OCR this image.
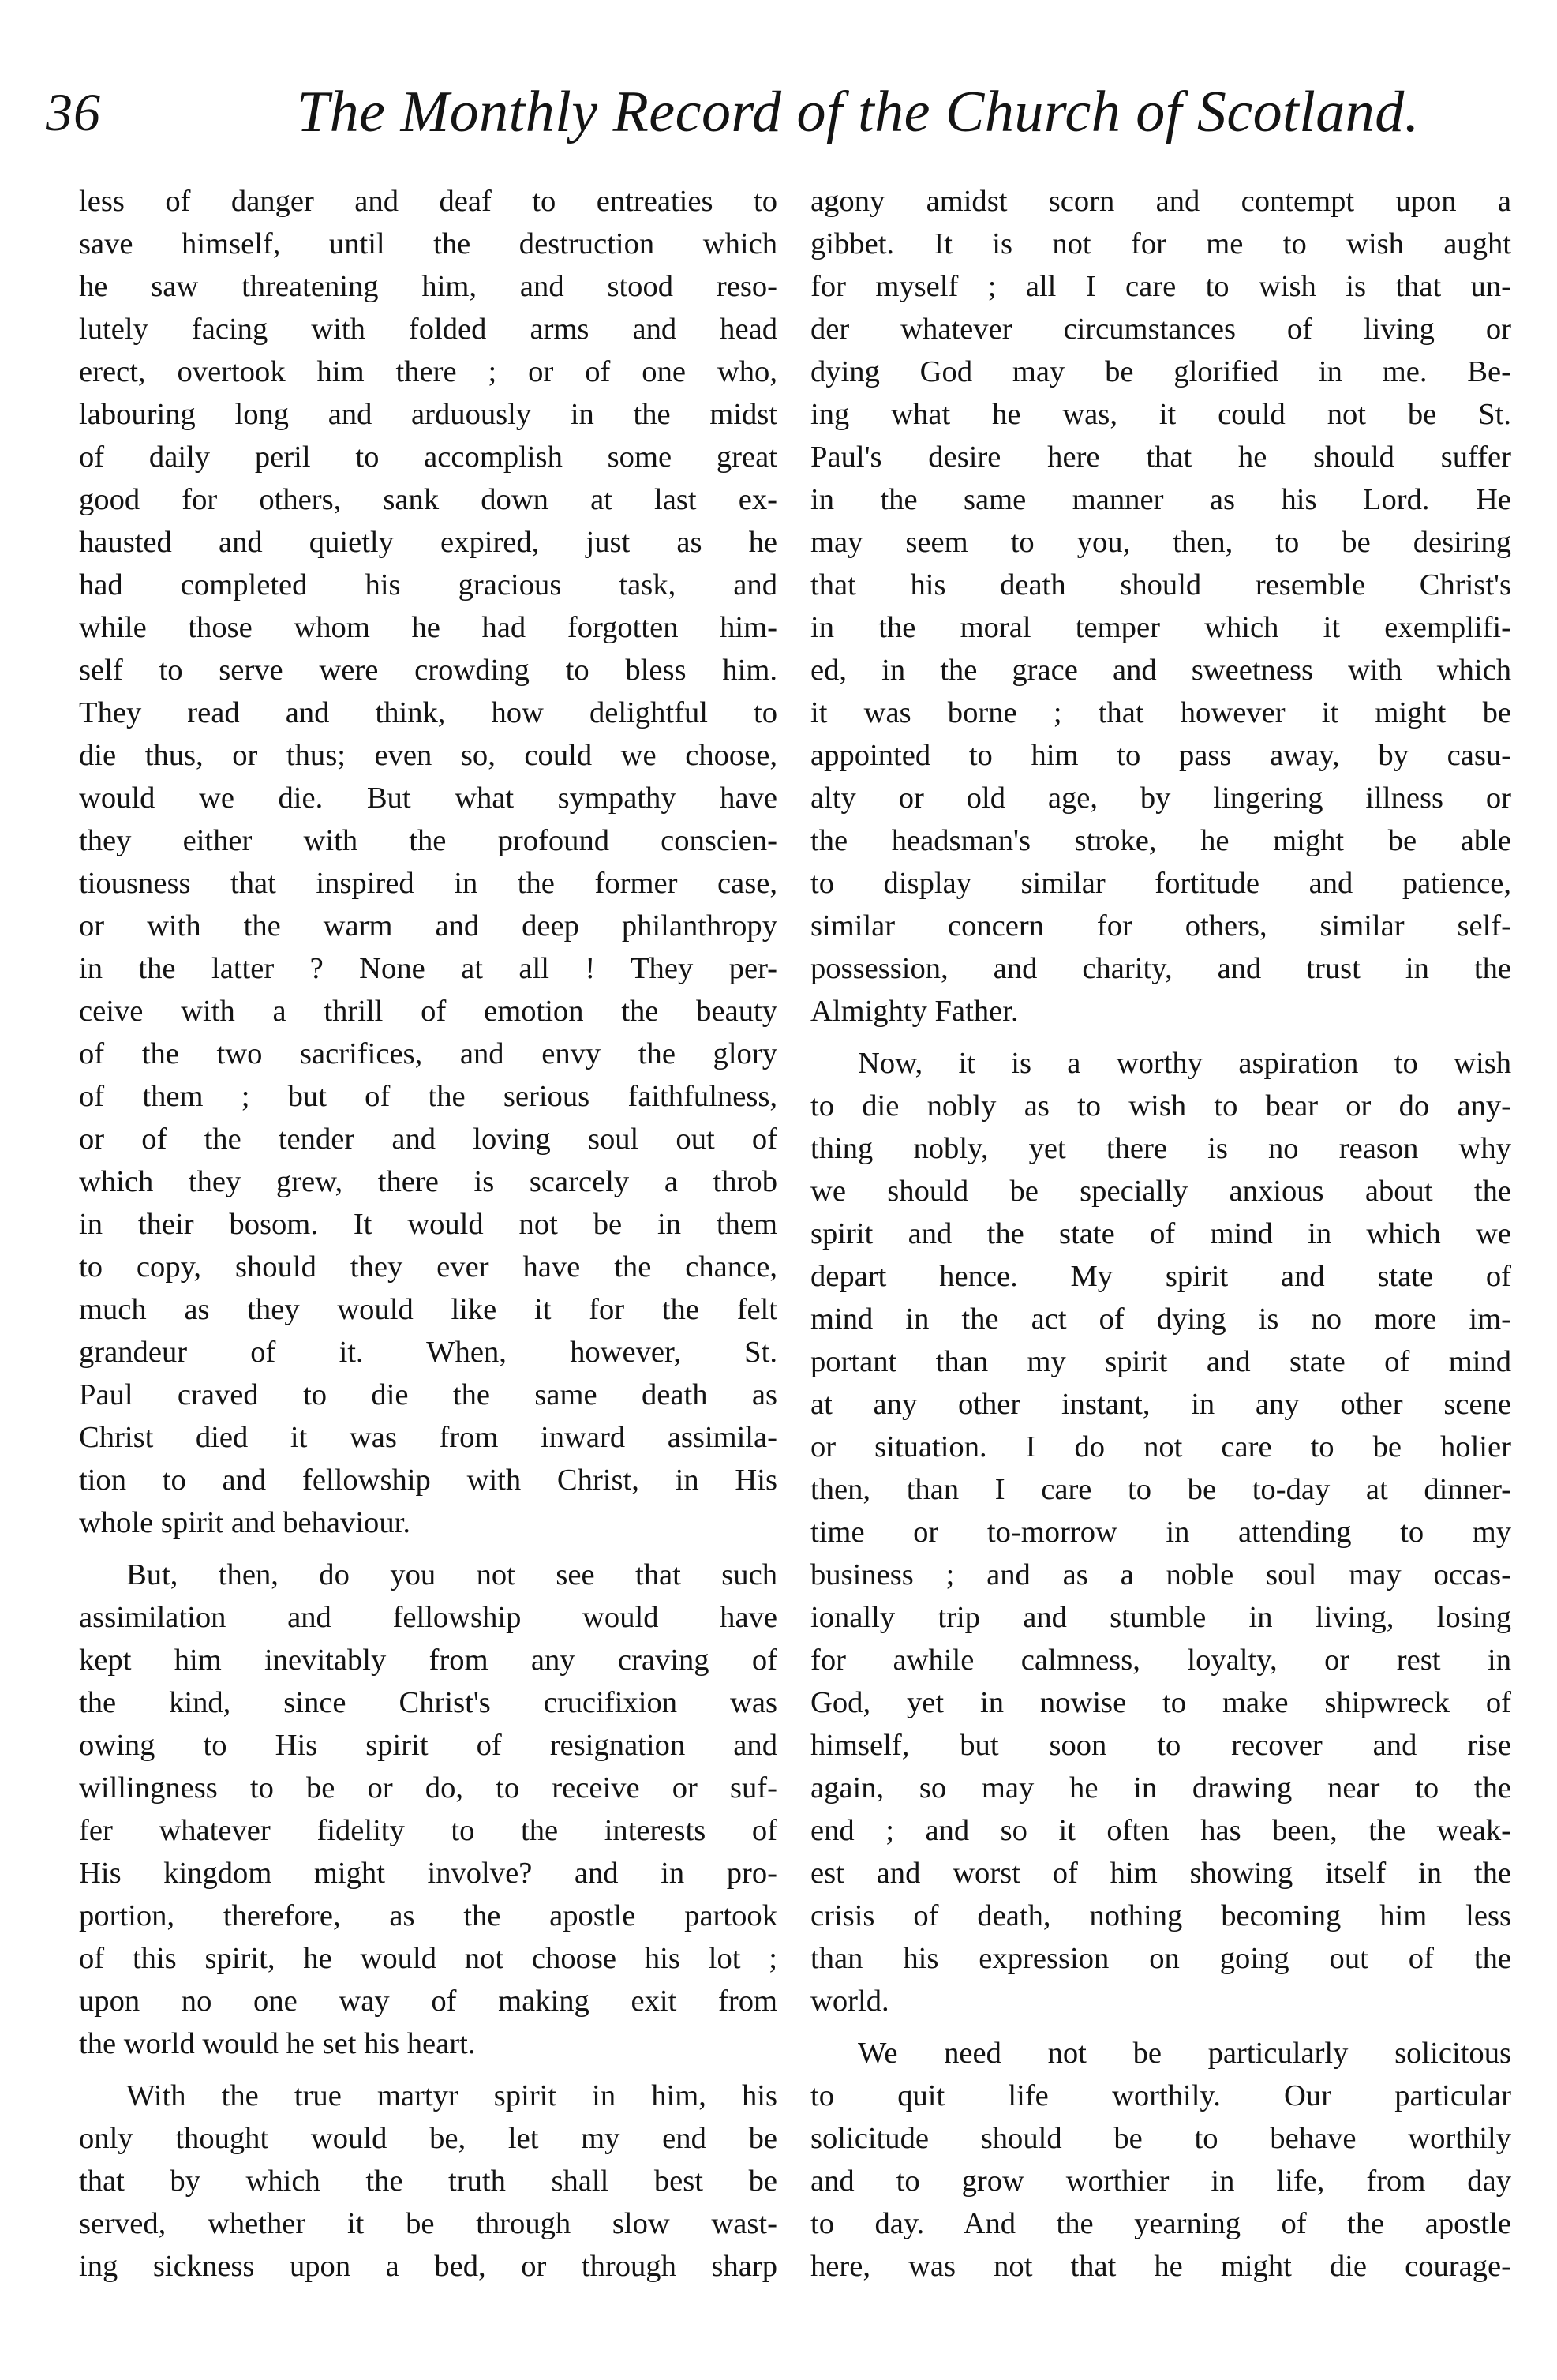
36	The Monthly Record of the Church of Scotland.
less of danger and deaf to entreaties to
save himself, until the destruction which
he saw threatening him, and stood reso-
lutely facing with folded arms and head
erect, overtook him there ; or of one who,
labouring long and arduously in the midst
of daily peril to accomplish some great
good for others, sank down at last ex-
hausted and quietly expired, just as he
had completed his gracious task, and
while those whom he had forgotten him-
self to serve were crowding to bless him.
They read and think, how delightful to
die thus, or thus; even so, could we choose,
would we die. But what sympathy have
they either with the profound conscien-
tiousness that inspired in the former case,
or with the warm and deep philanthropy
in the latter ? None at all ! They per-
ceive with a thrill of emotion the beauty
of the two sacrifices, and envy the glory
of them ; but of the serious faithfulness,
or of the tender and loving soul out of
which they grew, there is scarcely a throb
in their bosom. It would not be in them
to copy, should they ever have the chance,
much as they would like it for the felt
grandeur of it. When, however, St.
Paul craved to die the same death as
Christ died it was from inward assimila-
tion to and fellowship with Christ, in His
whole spirit and behaviour.
But, then, do you not see that such
assimilation and fellowship would have
kept him inevitably from any craving of
the kind, since Christ's crucifixion was
owing to His spirit of resignation and
willingness to be or do, to receive or suf-
fer whatever fidelity to the interests of
His kingdom might involve? and in pro-
portion, therefore, as the apostle partook
of this spirit, he would not choose his lot ;
upon no one way of making exit from
the world would he set his heart.
With the true martyr spirit in him, his
only thought would be, let my end be
that by which the truth shall best be
served, whether it be through slow wast-
ing sickness upon a bed, or through sharp
agony amidst scorn and contempt upon a
gibbet. It is not for me to wish aught
for myself ; all I care to wish is that un-
der whatever circumstances of living or
dying God may be glorified in me. Be-
ing what he was, it could not be St.
Paul's desire here that he should suffer
in the same manner as his Lord. He
may seem to you, then, to be desiring
that his death should resemble Christ's
in the moral temper which it exemplifi-
ed, in the grace and sweetness with which
it was borne ; that however it might be
appointed to him to pass away, by casu-
alty or old age, by lingering illness or
the headsman's stroke, he might be able
to display similar fortitude and patience,
similar concern for others, similar self-
possession, and charity, and trust in the
Almighty Father.
Now, it is a worthy aspiration to wish
to die nobly as to wish to bear or do any-
thing nobly, yet there is no reason why
we should be specially anxious about the
spirit and the state of mind in which we
depart hence. My spirit and state of
mind in the act of dying is no more im-
portant than my spirit and state of mind
at any other instant, in any other scene
or situation. I do not care to be holier
then, than I care to be to-day at dinner-
time or to-morrow in attending to my
business ; and as a noble soul may occas-
ionally trip and stumble in living, losing
for awhile calmness, loyalty, or rest in
God, yet in nowise to make shipwreck of
himself, but soon to recover and rise
again, so may he in drawing near to the
end ; and so it often has been, the weak-
est and worst of him showing itself in the
crisis of death, nothing becoming him less
than his expression on going out of the
world.
We need not be particularly solicitous
to quit life worthily. Our particular
solicitude should be to behave worthily
and to grow worthier in life, from day
to day. And the yearning of the apostle
here, was not that he might die courage-
